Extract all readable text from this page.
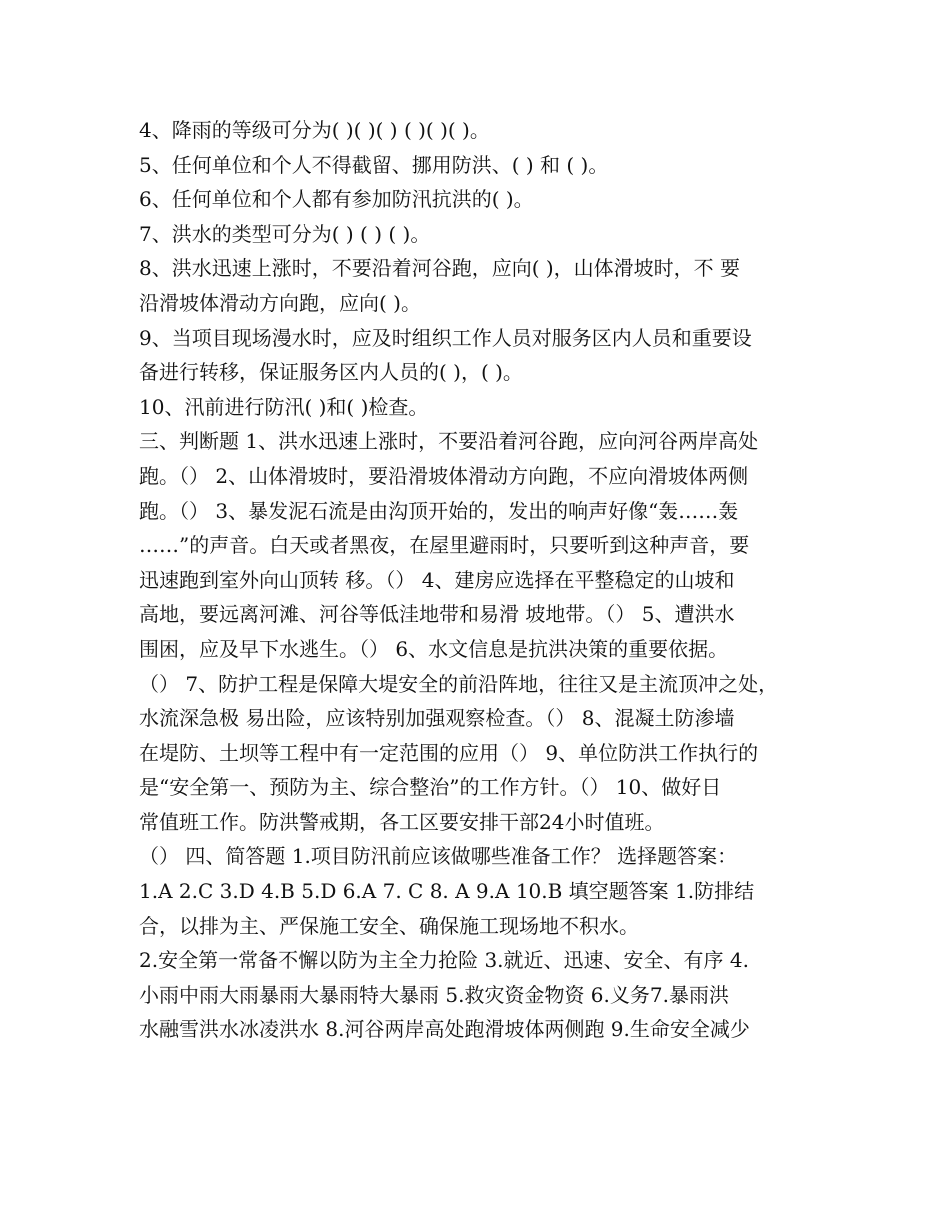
4、降雨的等级可分为( )( )( ) ( )( )( )。
5、任何单位和个人不得截留、挪用防洪、( ) 和 ( )。
6、任何单位和个人都有参加防汛抗洪的( )。
7、洪水的类型可分为( ) ( ) ( )。
8、洪水迅速上涨时，不要沿着河谷跑，应向( )，山体滑坡时，不 要
沿滑坡体滑动方向跑，应向( )。
9、当项目现场漫水时，应及时组织工作人员对服务区内人员和重要设
备进行转移，保证服务区内人员的( )，( )。
10、汛前进行防汛( )和( )检查。
三、判断题 1、洪水迅速上涨时，不要沿着河谷跑，应向河谷两岸高处
跑。（） 2、山体滑坡时，要沿滑坡体滑动方向跑，不应向滑坡体两侧
跑。（） 3、暴发泥石流是由沟顶开始的，发出的响声好像“轰……轰
……”的声音。白天或者黑夜，在屋里避雨时，只要听到这种声音，要
迅速跑到室外向山顶转 移。（） 4、建房应选择在平整稳定的山坡和
高地，要远离河滩、河谷等低洼地带和易滑 坡地带。（） 5、遭洪水
围困，应及早下水逃生。（） 6、水文信息是抗洪决策的重要依据。
（） 7、防护工程是保障大堤安全的前沿阵地，往往又是主流顶冲之处，
水流深急极 易出险，应该特别加强观察检查。（） 8、混凝土防渗墙
在堤防、土坝等工程中有一定范围的应用（） 9、单位防洪工作执行的
是“安全第一、预防为主、综合整治”的工作方针。（） 10、做好日
常值班工作。防洪警戒期，各工区要安排干部24小时值班。
（） 四、简答题 1.项目防汛前应该做哪些准备工作？ 选择题答案：
1.A 2.C 3.D 4.B 5.D 6.A 7. C 8. A 9.A 10.B 填空题答案 1.防排结
合，以排为主、严保施工安全、确保施工现场地不积水。
2.安全第一常备不懈以防为主全力抢险 3.就近、迅速、安全、有序 4.
小雨中雨大雨暴雨大暴雨特大暴雨 5.救灾资金物资 6.义务7.暴雨洪
水融雪洪水冰凌洪水 8.河谷两岸高处跑滑坡体两侧跑 9.生命安全减少
